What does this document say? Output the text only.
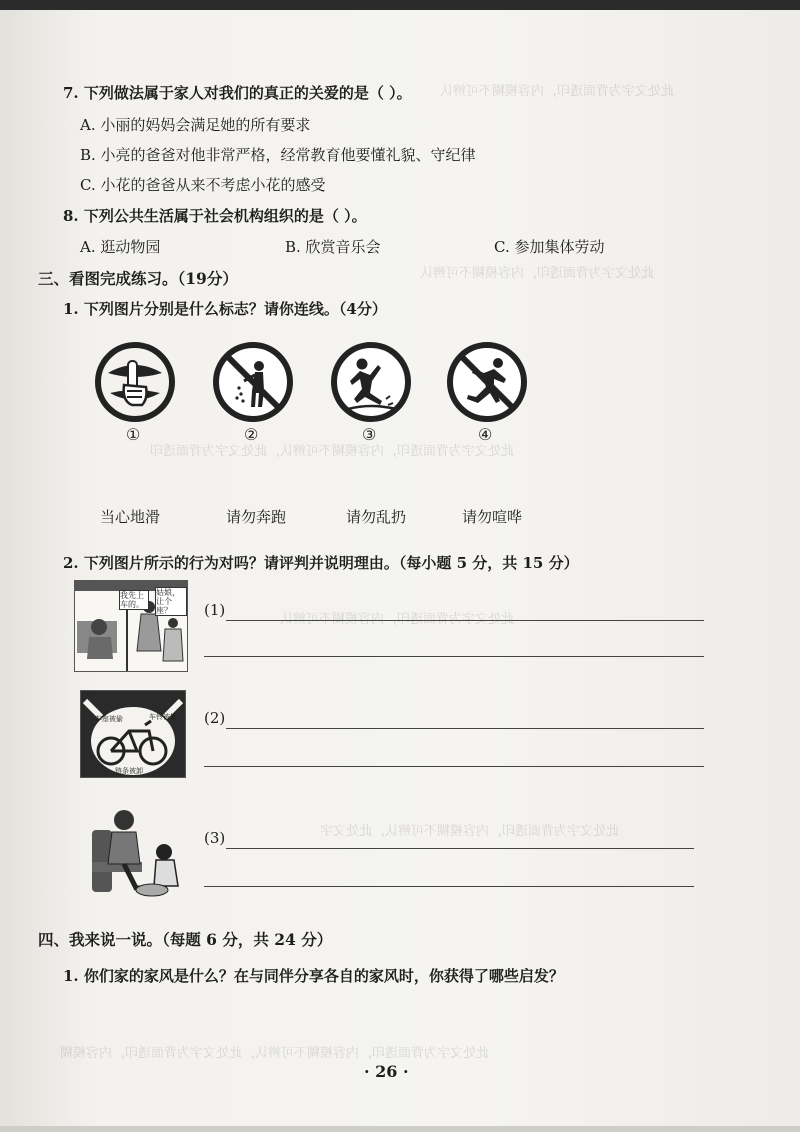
此处文字为背面透印，内容模糊不可辨认
此处文字为背面透印，内容模糊不可辨认
此处文字为背面透印，内容模糊不可辨认，此处文字为背面透印
此处文字为背面透印，内容模糊不可辨认
此处文字为背面透印，内容模糊不可辨认，此处文字
此处文字为背面透印，内容模糊不可辨认，此处文字为背面透印，内容模糊
7. 下列做法属于家人对我们的真正的关爱的是（ ）。
A. 小丽的妈妈会满足她的所有要求
B. 小亮的爸爸对他非常严格，经常教育他要懂礼貌、守纪律
C. 小花的爸爸从来不考虑小花的感受
8. 下列公共生活属于社会机构组织的是（ ）。
A. 逛动物园	B. 欣赏音乐会	C. 参加集体劳动
三、看图完成练习。（19分）
1. 下列图片分别是什么标志？请你连线。（4分）
①	②	③	④
当心地滑	请勿奔跑	请勿乱扔	请勿喧哗
2. 下列图片所示的行为对吗？请评判并说明理由。（每小题 5 分，共 15 分）
我先上车的。
姑娘，让个座？	(1)
车座被偷	车铃被偷
链条被卸
(2)
(3)
四、我来说一说。（每题 6 分，共 24 分）
1. 你们家的家风是什么？在与同伴分享各自的家风时，你获得了哪些启发？
· 26 ·
